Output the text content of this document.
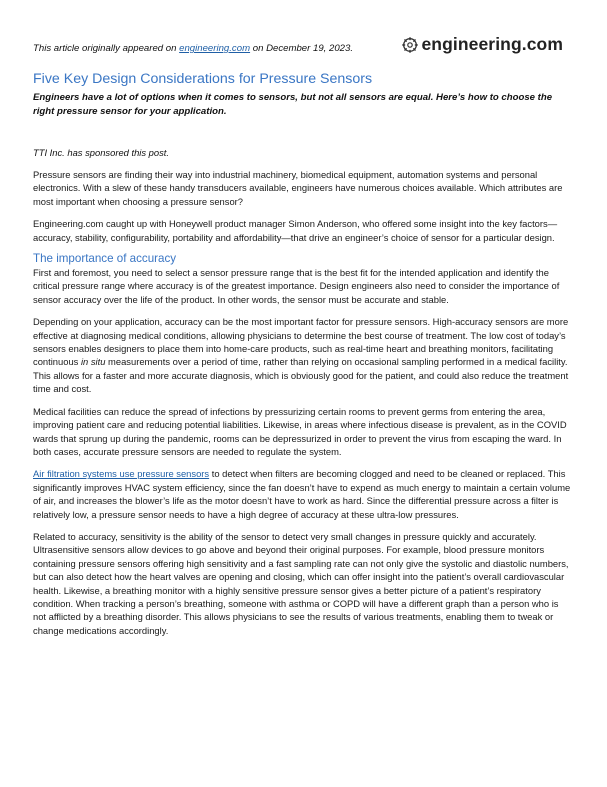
This article originally appeared on engineering.com on December 19, 2023.	engineering.com
Five Key Design Considerations for Pressure Sensors

Engineers have a lot of options when it comes to sensors, but not all sensors are equal. Here’s how to choose the right pressure sensor for your application.

TTI Inc. has sponsored this post.

Pressure sensors are finding their way into industrial machinery, biomedical equipment, automation systems and personal electronics. With a slew of these handy transducers available, engineers have numerous choices available. Which attributes are most important when choosing a pressure sensor?

Engineering.com caught up with Honeywell product manager Simon Anderson, who offered some insight into the key factors—accuracy, stability, configurability, portability and affordability—that drive an engineer’s choice of sensor for a particular design.

The importance of accuracy

First and foremost, you need to select a sensor pressure range that is the best fit for the intended application and identify the critical pressure range where accuracy is of the greatest importance. Design engineers also need to consider the importance of sensor accuracy over the life of the product. In other words, the sensor must be accurate and stable.

Depending on your application, accuracy can be the most important factor for pressure sensors. High-accuracy sensors are more effective at diagnosing medical conditions, allowing physicians to determine the best course of treatment. The low cost of today’s sensors enables designers to place them into home-care products, such as real-time heart and breathing monitors, facilitating continuous in situ measurements over a period of time, rather than relying on occasional sampling performed in a medical facility. This allows for a faster and more accurate diagnosis, which is obviously good for the patient, and could also reduce the treatment time and cost.

Medical facilities can reduce the spread of infections by pressurizing certain rooms to prevent germs from entering the area, improving patient care and reducing potential liabilities. Likewise, in areas where infectious disease is prevalent, as in the COVID wards that sprung up during the pandemic, rooms can be depressurized in order to prevent the virus from escaping the ward. In both cases, accurate pressure sensors are needed to regulate the system.

Air filtration systems use pressure sensors to detect when filters are becoming clogged and need to be cleaned or replaced. This significantly improves HVAC system efficiency, since the fan doesn’t have to expend as much energy to maintain a certain volume of air, and increases the blower’s life as the motor doesn’t have to work as hard. Since the differential pressure across a filter is relatively low, a pressure sensor needs to have a high degree of accuracy at these ultra-low pressures.

Related to accuracy, sensitivity is the ability of the sensor to detect very small changes in pressure quickly and accurately. Ultrasensitive sensors allow devices to go above and beyond their original purposes. For example, blood pressure monitors containing pressure sensors offering high sensitivity and a fast sampling rate can not only give the systolic and diastolic numbers, but can also detect how the heart valves are opening and closing, which can offer insight into the patient’s overall cardiovascular health. Likewise, a breathing monitor with a highly sensitive pressure sensor gives a better picture of a patient’s respiratory condition. When tracking a person’s breathing, someone with asthma or COPD will have a different graph than a person who is not afflicted by a breathing disorder. This allows physicians to see the results of various treatments, enabling them to tweak or change medications accordingly.
